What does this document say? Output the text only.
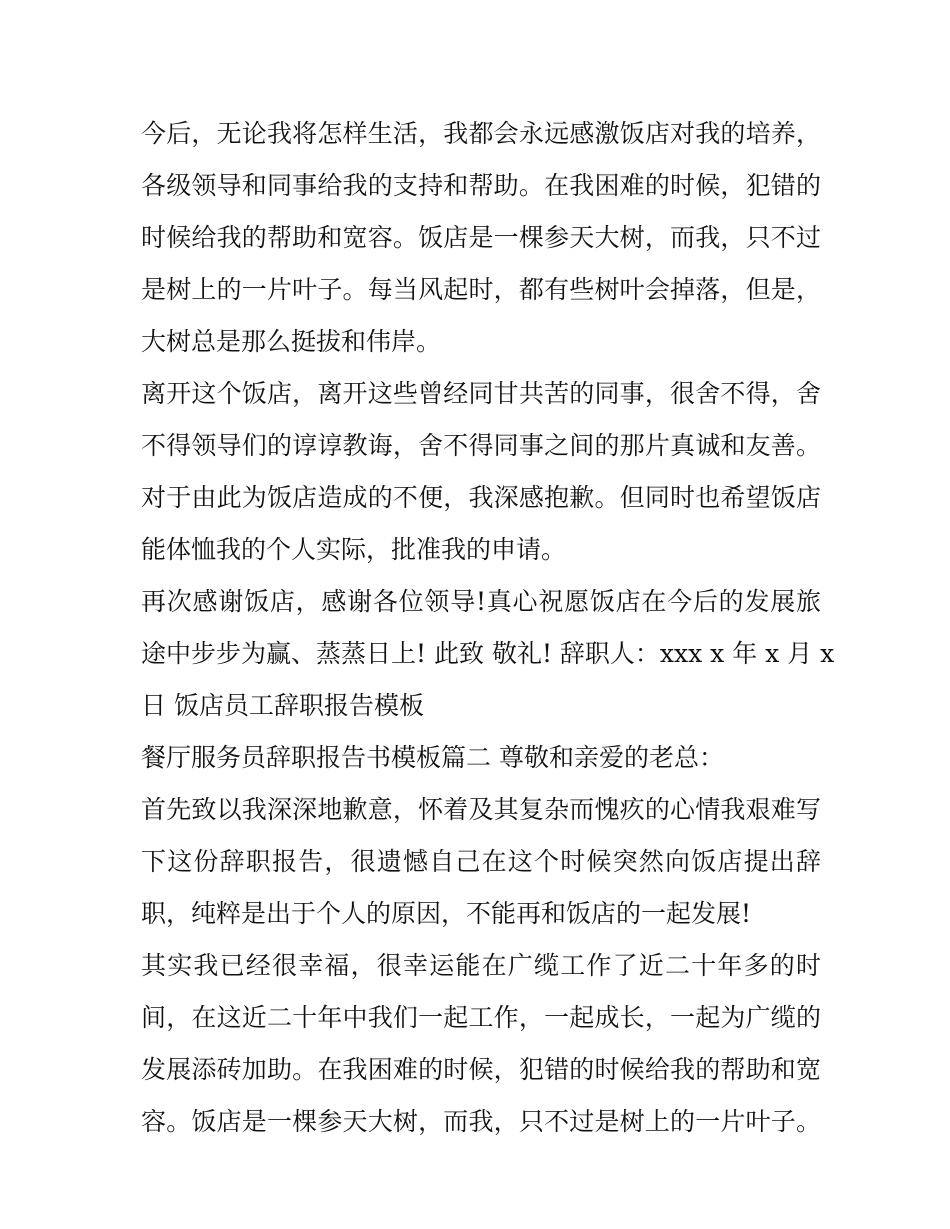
今后，无论我将怎样生活，我都会永远感激饭店对我的培养，
各级领导和同事给我的支持和帮助。在我困难的时候，犯错的
时候给我的帮助和宽容。饭店是一棵参天大树，而我，只不过
是树上的一片叶子。每当风起时，都有些树叶会掉落，但是，
大树总是那么挺拔和伟岸。
离开这个饭店，离开这些曾经同甘共苦的同事，很舍不得，舍
不得领导们的谆谆教诲，舍不得同事之间的那片真诚和友善。
对于由此为饭店造成的不便，我深感抱歉。但同时也希望饭店
能体恤我的个人实际，批准我的申请。
再次感谢饭店，感谢各位领导!真心祝愿饭店在今后的发展旅
途中步步为赢、蒸蒸日上! 此致 敬礼! 辞职人：xxx x 年 x 月 x
日 饭店员工辞职报告模板
餐厅服务员辞职报告书模板篇二 尊敬和亲爱的老总：
首先致以我深深地歉意，怀着及其复杂而愧疚的心情我艰难写
下这份辞职报告，很遗憾自己在这个时候突然向饭店提出辞
职，纯粹是出于个人的原因，不能再和饭店的一起发展!
其实我已经很幸福，很幸运能在广缆工作了近二十年多的时
间，在这近二十年中我们一起工作，一起成长，一起为广缆的
发展添砖加助。在我困难的时候，犯错的时候给我的帮助和宽
容。饭店是一棵参天大树，而我，只不过是树上的一片叶子。
